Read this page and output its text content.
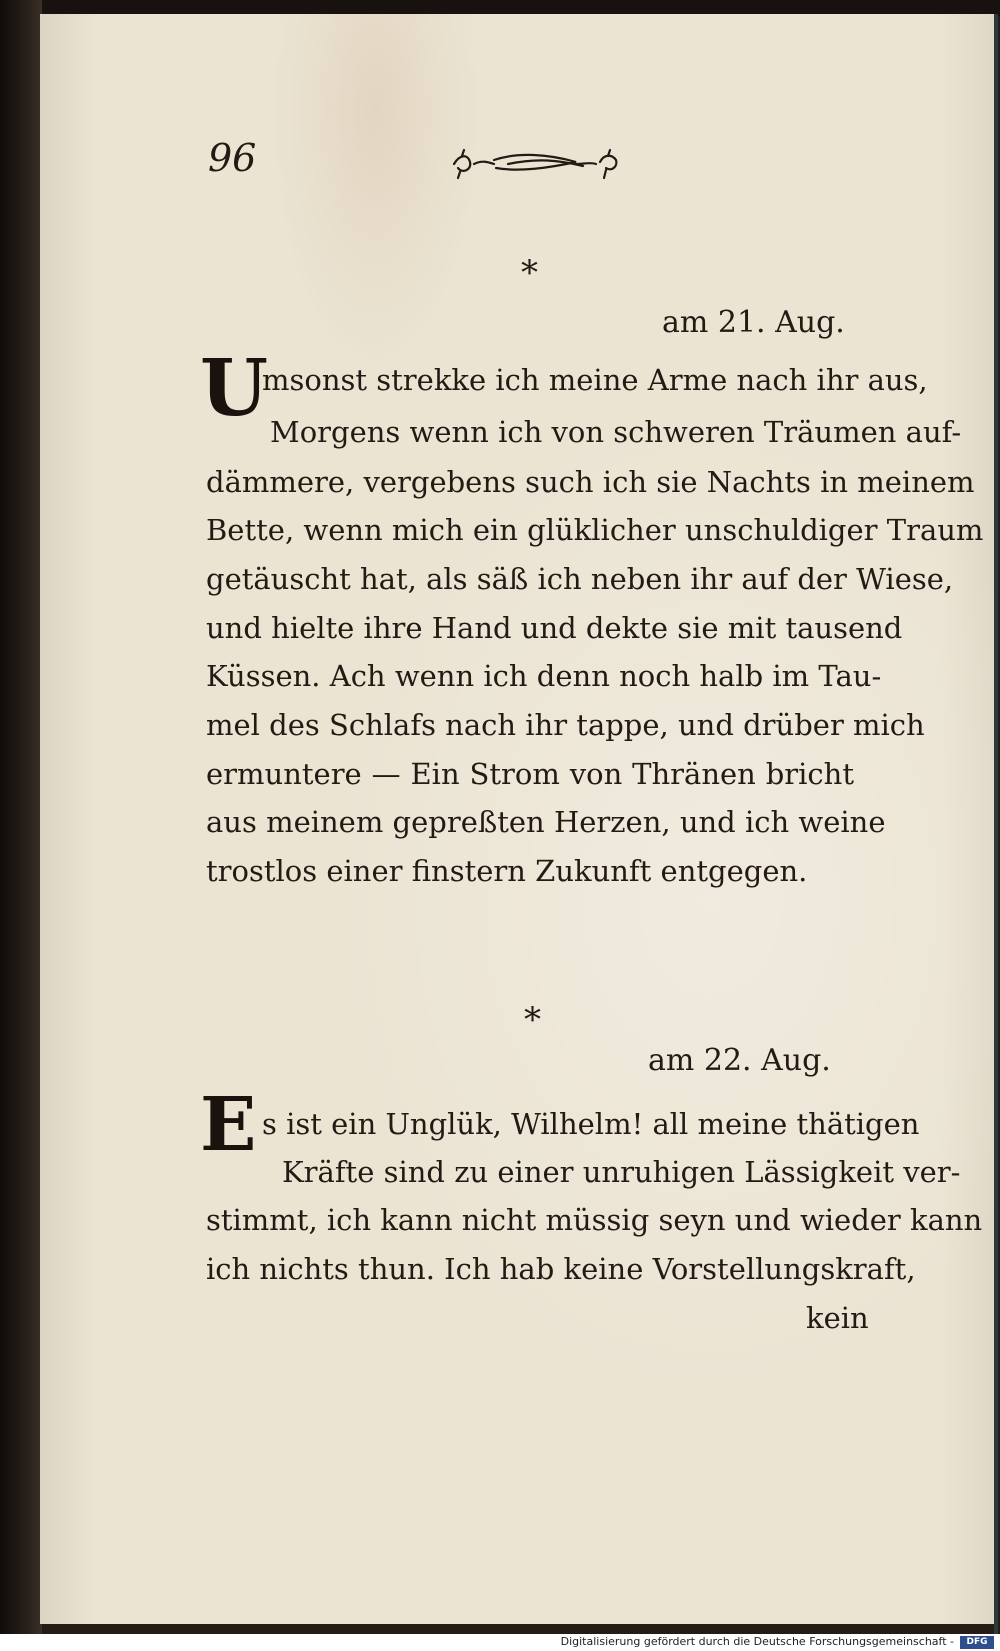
96
*
am 21. Aug.
U
msonst strekke ich meine Arme nach ihr aus,
Morgens wenn ich von schweren Träumen auf-
dämmere, vergebens such ich sie Nachts in meinem
Bette, wenn mich ein glüklicher unschuldiger Traum
getäuscht hat, als säß ich neben ihr auf der Wiese,
und hielte ihre Hand und dekte sie mit tausend
Küssen. Ach wenn ich denn noch halb im Tau-
mel des Schlafs nach ihr tappe, und drüber mich
ermuntere — Ein Strom von Thränen bricht
aus meinem gepreßten Herzen, und ich weine
trostlos einer finstern Zukunft entgegen.
*
am 22. Aug.
E s ist ein Unglük, Wilhelm! all meine thätigen
Kräfte sind zu einer unruhigen Lässigkeit ver-
stimmt, ich kann nicht müssig seyn und wieder kann
ich nichts thun. Ich hab keine Vorstellungskraft,
kein
Digitalisierung gefördert durch die Deutsche Forschungsgemeinschaft -	DFG
